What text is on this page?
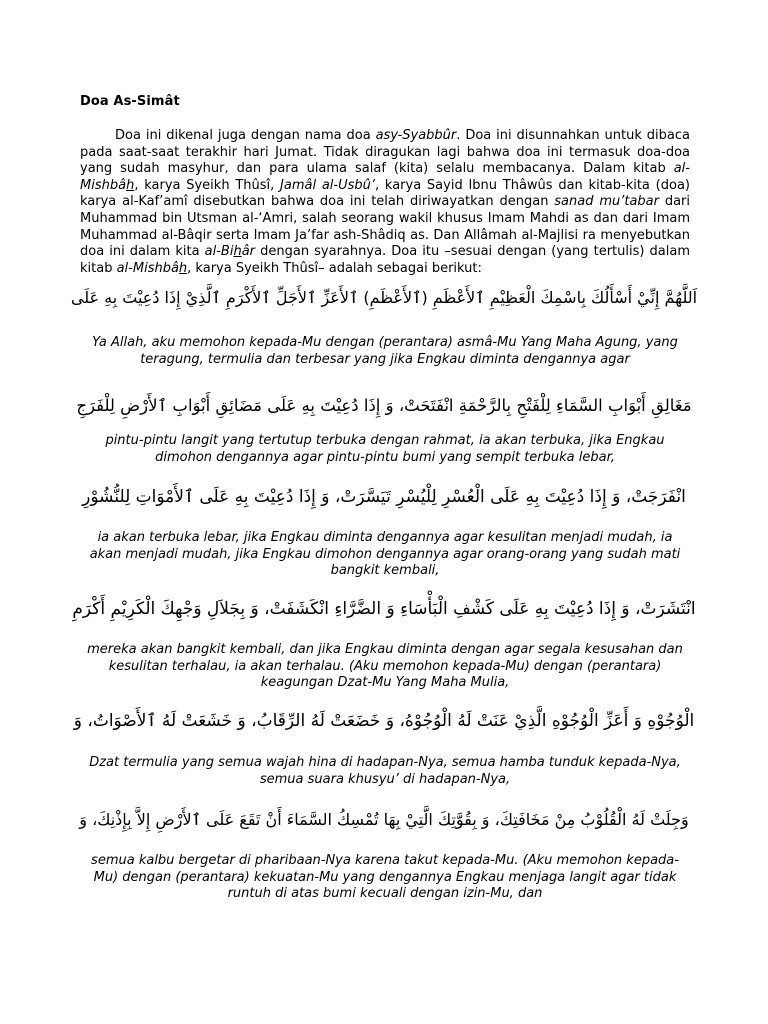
Doa As-Simât

Doa ini dikenal juga dengan nama doa asy-Syabbûr. Doa ini disunnahkan untuk dibaca pada saat-saat terakhir hari Jumat. Tidak diragukan lagi bahwa doa ini termasuk doa-doa yang sudah masyhur, dan para ulama salaf (kita) selalu membacanya. Dalam kitab al-Mishbâh, karya Syeikh Thûsî, Jamâl al-Usbû’, karya Sayid Ibnu Thâwûs dan kitab-kita (doa) karya al-Kaf’amî disebutkan bahwa doa ini telah diriwayatkan dengan sanad mu’tabar dari Muhammad bin Utsman al-‘Amri, salah seorang wakil khusus Imam Mahdi as dan dari Imam Muhammad al-Bâqir serta Imam Ja’far ash-Shâdiq as. Dan Allâmah al-Majlisi ra menyebutkan doa ini dalam kita al-Bihâr dengan syarahnya. Doa itu –sesuai dengan (yang tertulis) dalam kitab al-Mishbâh, karya Syeikh Thûsî– adalah sebagai berikut:

اَللَّهُمَّ إِنِّيْ أَسْأَلُكَ بِاسْمِكَ الْعَظِيْمِ ٱلأَعْظَمِ (ٱلأَعْظَمِ) ٱلأَعَزِّ ٱلأَجَلِّ ٱلأَكْرَمِ ٱلَّذِيْ إِذَا دُعِيْتَ بِهِ عَلَى
Ya Allah, aku memohon kepada-Mu dengan (perantara) asmâ-Mu Yang Maha Agung, yang teragung, termulia dan terbesar yang jika Engkau diminta dengannya agar
مَغَالِقِ أَبْوَابِ السَّمَاءِ لِلْفَتْحِ بِالرَّحْمَةِ انْفَتَحَتْ، وَ إِذَا دُعِيْتَ بِهِ عَلَى مَضَائِقِ أَبْوَابِ ٱلأَرْضِ لِلْفَرَجِ
pintu-pintu langit yang tertutup terbuka dengan rahmat, ia akan terbuka, jika Engkau dimohon dengannya agar pintu-pintu bumi yang sempit terbuka lebar,
انْفَرَجَتْ، وَ إِذَا دُعِيْتَ بِهِ عَلَى الْعُسْرِ لِلْيُسْرِ تَيَسَّرَتْ، وَ إِذَا دُعِيْتَ بِهِ عَلَى ٱلأَمْوَاتِ لِلنُّشُوْرِ
ia akan terbuka lebar, jika Engkau diminta dengannya agar kesulitan menjadi mudah, ia akan menjadi mudah, jika Engkau dimohon dengannya agar orang-orang yang sudah mati bangkit kembali,
انْتَشَرَتْ، وَ إِذَا دُعِيْتَ بِهِ عَلَى كَشْفِ الْبَأْسَاءِ وَ الضَّرَّاءِ انْكَشَفَتْ، وَ بِجَلاَلِ وَجْهِكَ الْكَرِيْمِ أَكْرَمِ
mereka akan bangkit kembali, dan jika Engkau diminta dengan agar segala kesusahan dan kesulitan terhalau, ia akan terhalau. (Aku memohon kepada-Mu) dengan (perantara) keagungan Dzat-Mu Yang Maha Mulia,
الْوُجُوْهِ وَ أَعَزِّ الْوُجُوْهِ الَّذِيْ عَنَتْ لَهُ الْوُجُوْهُ، وَ خَضَعَتْ لَهُ الرِّقَابُ، وَ خَشَعَتْ لَهُ ٱلأَصْوَاتُ، وَ
Dzat termulia yang semua wajah hina di hadapan-Nya, semua hamba tunduk kepada-Nya, semua suara khusyu’ di hadapan-Nya,
وَجِلَتْ لَهُ الْقُلُوْبُ مِنْ مَخَافَتِكَ، وَ بِقُوَّتِكَ الَّتِيْ بِهَا تُمْسِكُ السَّمَاءَ أَنْ تَقَعَ عَلَى ٱلأَرْضِ إِلاَّ بِإِذْنِكَ، وَ
semua kalbu bergetar di pharibaan-Nya karena takut kepada-Mu. (Aku memohon kepada-Mu) dengan (perantara) kekuatan-Mu yang dengannya Engkau menjaga langit agar tidak runtuh di atas bumi kecuali dengan izin-Mu, dan
